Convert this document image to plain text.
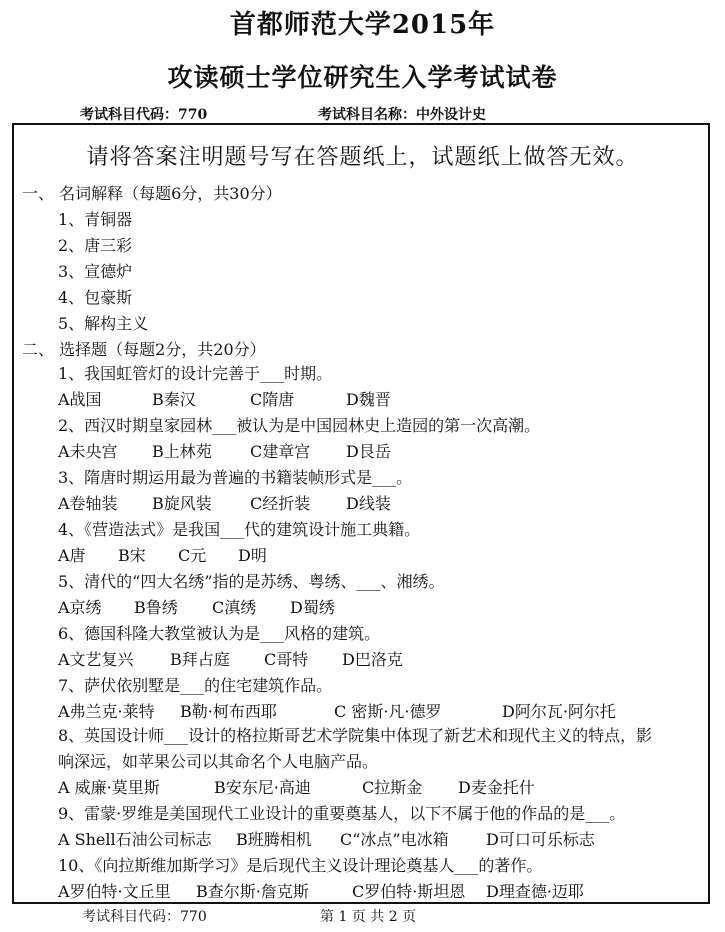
首都师范大学2015年
攻读硕士学位研究生入学考试试卷
考试科目代码：770	考试科目名称：中外设计史
请将答案注明题号写在答题纸上，试题纸上做答无效。
一、 名词解释（每题6分，共30分）
1、青铜器
2、唐三彩
3、宣德炉
4、包豪斯
5、解构主义
二、 选择题（每题2分，共20分）
1、我国虹管灯的设计完善于___时期。
A战国	B秦汉	C隋唐	D魏晋
2、西汉时期皇家园林___被认为是中国园林史上造园的第一次高潮。
A未央宫 B上林苑 C建章宫 D艮岳
3、隋唐时期运用最为普遍的书籍装帧形式是___。
A卷轴装 B旋风装 C经折装 D线装
4、《营造法式》是我国___代的建筑设计施工典籍。
A唐 B宋 C元 D明
5、清代的“四大名绣”指的是苏绣、粤绣、___、湘绣。
A京绣 B鲁绣 C滇绣 D蜀绣
6、德国科隆大教堂被认为是___风格的建筑。
A文艺复兴 B拜占庭 C哥特 D巴洛克
7、萨伏依别墅是___的住宅建筑作品。
A弗兰克·莱特 B勒·柯布西耶	C 密斯·凡·德罗	D阿尔瓦·阿尔托
8、英国设计师___设计的格拉斯哥艺术学院集中体现了新艺术和现代主义的特点，影
响深远，如苹果公司以其命名个人电脑产品。
A 威廉·莫里斯	B安东尼·高迪	C拉斯金 D麦金托什
9、雷蒙·罗维是美国现代工业设计的重要奠基人，以下不属于他的作品的是___。
A Shell石油公司标志 B班腾相机 C“冰点”电冰箱 D可口可乐标志
10、《向拉斯维加斯学习》是后现代主义设计理论奠基人___的著作。
A罗伯特·文丘里 B查尔斯·詹克斯	C罗伯特·斯坦恩 D理查德·迈耶
考试科目代码：770	第 1 页 共 2 页
